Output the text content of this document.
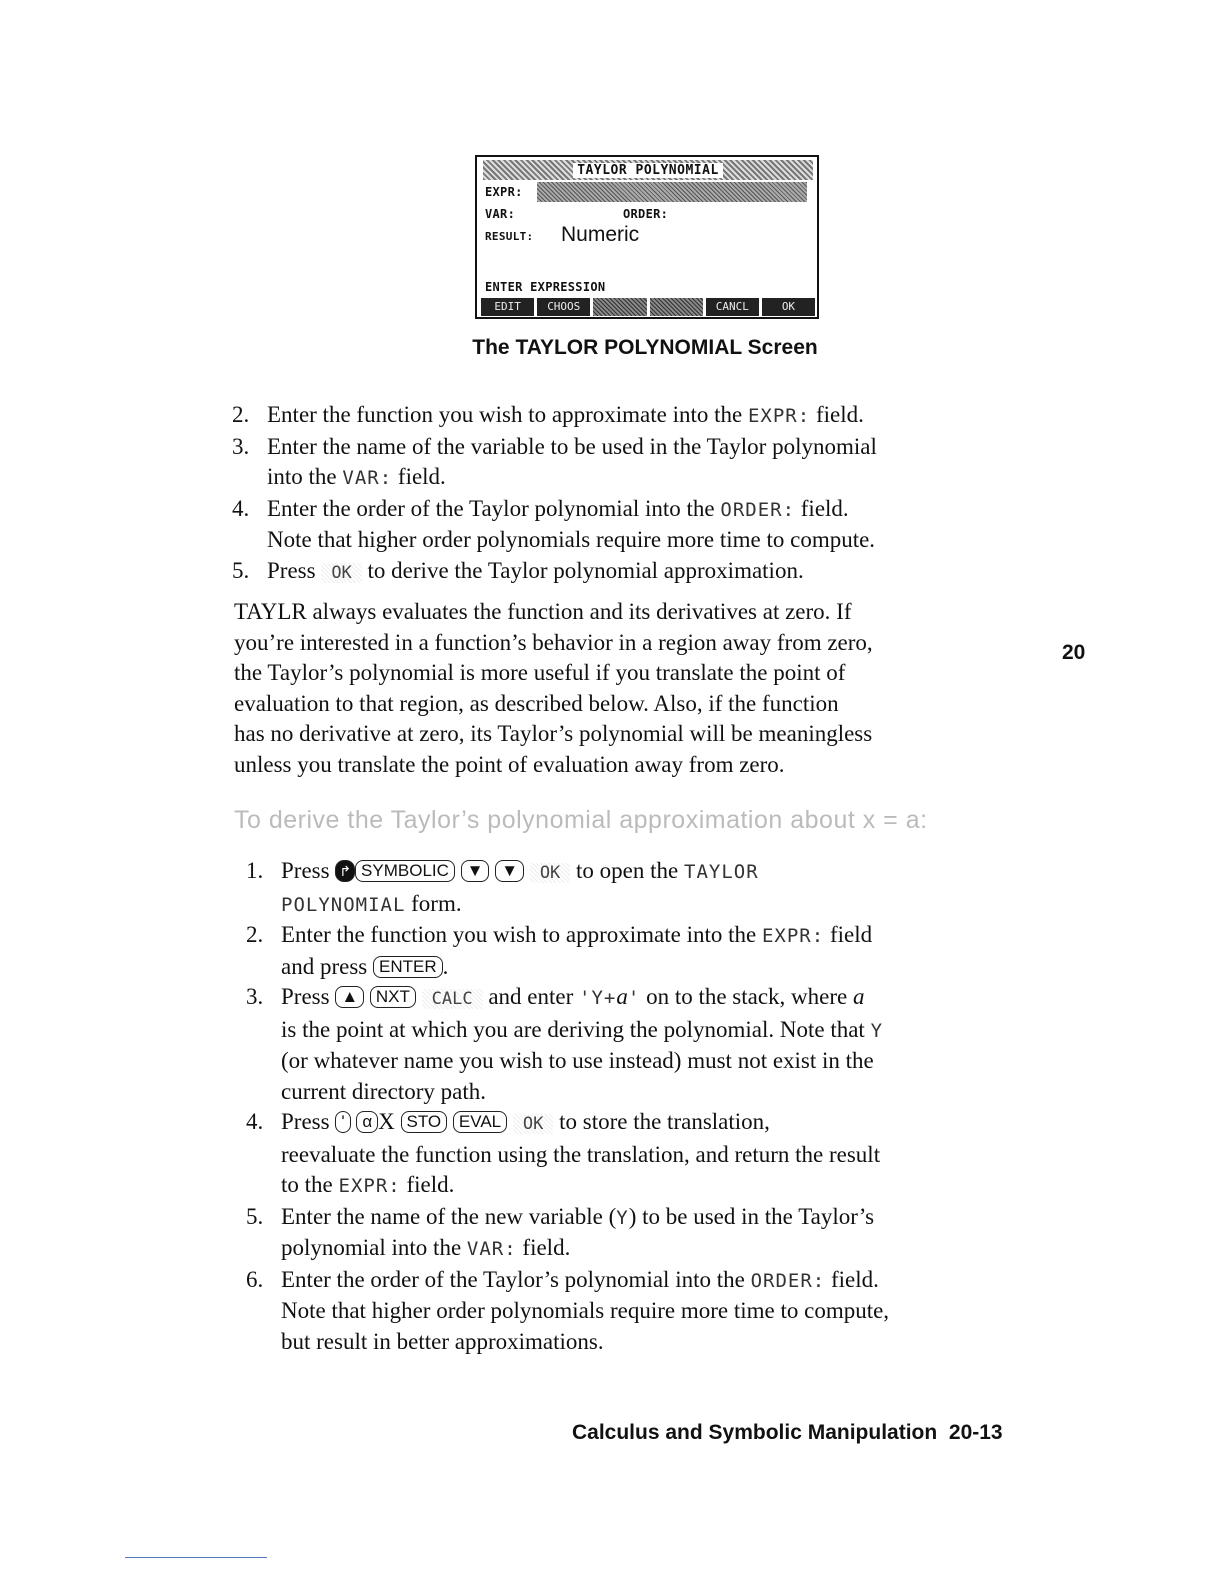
TAYLOR POLYNOMIAL
EXPR:
VAR:	ORDER:
RESULT: Numeric
ENTER EXPRESSION
EDIT	CHOOS	CANCL	OK
The TAYLOR POLYNOMIAL Screen
2. Enter the function you wish to approximate into the EXPR: field.
3. Enter the name of the variable to be used in the Taylor polynomial
into the VAR: field.
4. Enter the order of the Taylor polynomial into the ORDER: field.
Note that higher order polynomials require more time to compute.
5. Press OK to derive the Taylor polynomial approximation.
TAYLR always evaluates the function and its derivatives at zero. If
you’re interested in a function’s behavior in a region away from zero,
the Taylor’s polynomial is more useful if you translate the point of
evaluation to that region, as described below. Also, if the function
has no derivative at zero, its Taylor’s polynomial will be meaningless
unless you translate the point of evaluation away from zero.
20
To derive the Taylor’s polynomial approximation about x = a:
1. Press ↱ SYMBOLIC ▼ ▼ OK to open the TAYLOR
POLYNOMIAL form.
2. Enter the function you wish to approximate into the EXPR: field
and press ENTER .
3. Press ▲ NXT CALC and enter 'Y+a' on to the stack, where a
is the point at which you are deriving the polynomial. Note that Y
(or whatever name you wish to use instead) must not exist in the
current directory path.
4. Press ' α X STO EVAL OK to store the translation,
reevaluate the function using the translation, and return the result
to the EXPR: field.
5. Enter the name of the new variable (Y) to be used in the Taylor’s
polynomial into the VAR: field.
6. Enter the order of the Taylor’s polynomial into the ORDER: field.
Note that higher order polynomials require more time to compute,
but result in better approximations.
Calculus and Symbolic Manipulation 20-13
